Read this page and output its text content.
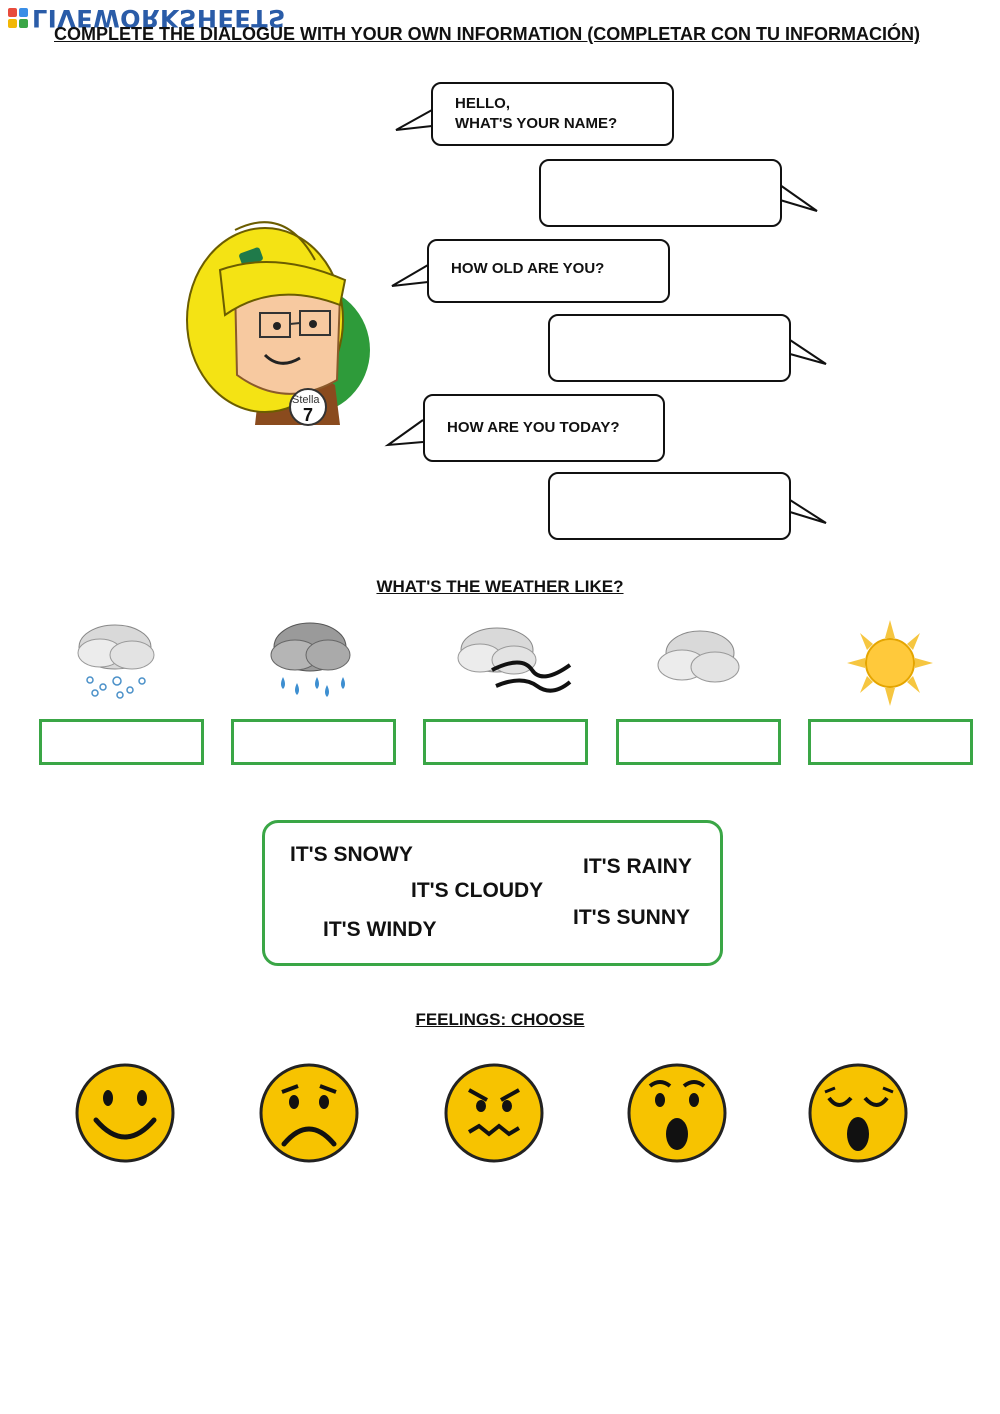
LIVEWORKSHEETS
COMPLETE THE DIALOGUE WITH YOUR OWN INFORMATION (COMPLETAR CON TU INFORMACIÓN)
Stella
7
HELLO,
WHAT'S YOUR NAME?
HOW OLD ARE YOU?
HOW ARE YOU TODAY?
WHAT'S THE WEATHER LIKE?
IT'S SNOWY
IT'S RAINY
IT'S CLOUDY
IT'S SUNNY
IT'S WINDY
FEELINGS: CHOOSE
